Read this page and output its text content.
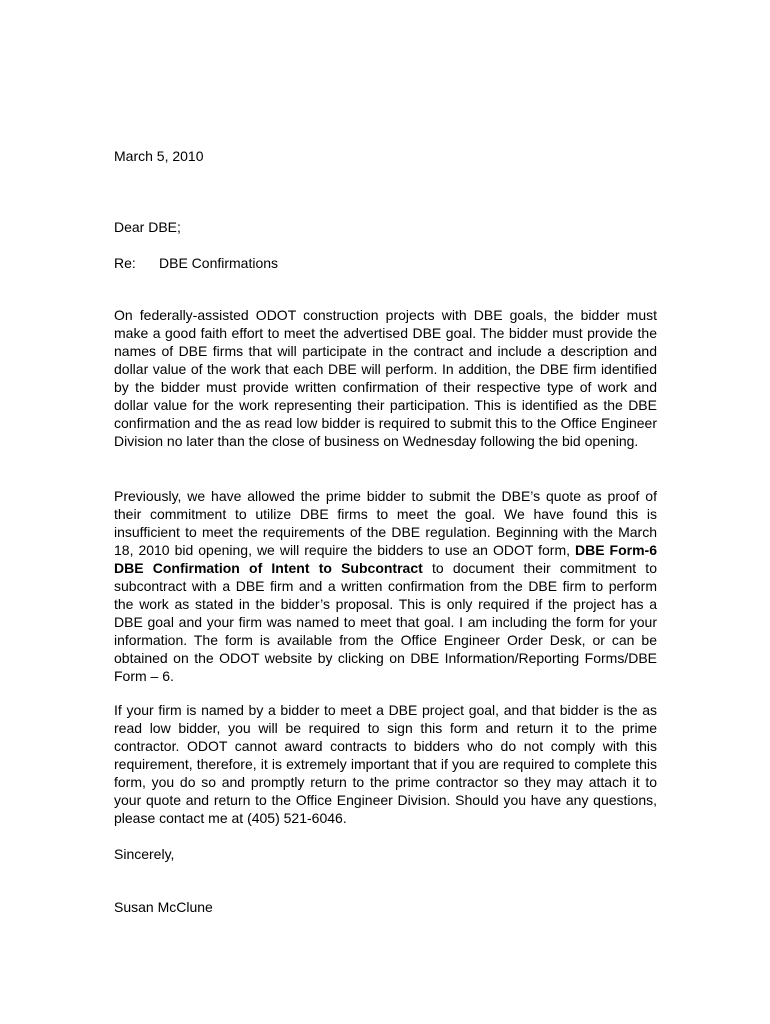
March 5, 2010
Dear DBE;
Re: DBE Confirmations

On federally-assisted ODOT construction projects with DBE goals, the bidder must make a good faith effort to meet the advertised DBE goal. The bidder must provide the names of DBE firms that will participate in the contract and include a description and dollar value of the work that each DBE will perform. In addition, the DBE firm identified by the bidder must provide written confirmation of their respective type of work and dollar value for the work representing their participation. This is identified as the DBE confirmation and the as read low bidder is required to submit this to the Office Engineer Division no later than the close of business on Wednesday following the bid opening.

Previously, we have allowed the prime bidder to submit the DBE’s quote as proof of their commitment to utilize DBE firms to meet the goal. We have found this is insufficient to meet the requirements of the DBE regulation. Beginning with the March 18, 2010 bid opening, we will require the bidders to use an ODOT form, DBE Form-6 DBE Confirmation of Intent to Subcontract to document their commitment to subcontract with a DBE firm and a written confirmation from the DBE firm to perform the work as stated in the bidder’s proposal. This is only required if the project has a DBE goal and your firm was named to meet that goal. I am including the form for your information. The form is available from the Office Engineer Order Desk, or can be obtained on the ODOT website by clicking on DBE Information/Reporting Forms/DBE Form – 6.

If your firm is named by a bidder to meet a DBE project goal, and that bidder is the as read low bidder, you will be required to sign this form and return it to the prime contractor. ODOT cannot award contracts to bidders who do not comply with this requirement, therefore, it is extremely important that if you are required to complete this form, you do so and promptly return to the prime contractor so they may attach it to your quote and return to the Office Engineer Division. Should you have any questions, please contact me at (405) 521-6046.

Sincerely,
Susan McClune
